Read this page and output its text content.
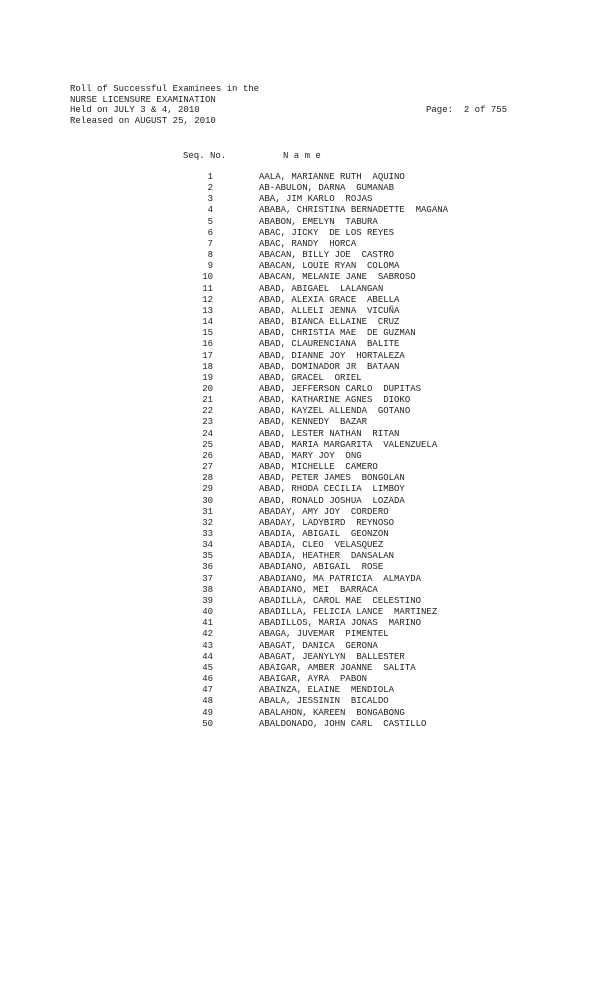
Roll of Successful Examinees in the
NURSE LICENSURE EXAMINATION
Held on JULY 3 & 4, 2010
Released on AUGUST 25, 2010
Page: 2 of 755
Seq. No.	N a m e
1	AALA, MARIANNE RUTH  AQUINO
2	AB-ABULON, DARNA  GUMANAB
3	ABA, JIM KARLO  ROJAS
4	ABABA, CHRISTINA BERNADETTE  MAGANA
5	ABABON, EMELYN  TABURA
6	ABAC, JICKY  DE LOS REYES
7	ABAC, RANDY  HORCA
8	ABACAN, BILLY JOE  CASTRO
9	ABACAN, LOUIE RYAN  COLOMA
10	ABACAN, MELANIE JANE  SABROSO
11	ABAD, ABIGAEL  LALANGAN
12	ABAD, ALEXIA GRACE  ABELLA
13	ABAD, ALLELI JENNA  VICUÑA
14	ABAD, BIANCA ELLAINE  CRUZ
15	ABAD, CHRISTIA MAE  DE GUZMAN
16	ABAD, CLAURENCIANA  BALITE
17	ABAD, DIANNE JOY  HORTALEZA
18	ABAD, DOMINADOR JR  BATAAN
19	ABAD, GRACEL  ORIEL
20	ABAD, JEFFERSON CARLO  DUPITAS
21	ABAD, KATHARINE AGNES  DIOKO
22	ABAD, KAYZEL ALLENDA  GOTANO
23	ABAD, KENNEDY  BAZAR
24	ABAD, LESTER NATHAN  RITAN
25	ABAD, MARIA MARGARITA  VALENZUELA
26	ABAD, MARY JOY  ONG
27	ABAD, MICHELLE  CAMERO
28	ABAD, PETER JAMES  BONGOLAN
29	ABAD, RHODA CECILIA  LIMBOY
30	ABAD, RONALD JOSHUA  LOZADA
31	ABADAY, AMY JOY  CORDERO
32	ABADAY, LADYBIRD  REYNOSO
33	ABADIA, ABIGAIL  GEONZON
34	ABADIA, CLEO  VELASQUEZ
35	ABADIA, HEATHER  DANSALAN
36	ABADIANO, ABIGAIL  ROSE
37	ABADIANO, MA PATRICIA  ALMAYDA
38	ABADIANO, MEI  BARRACA
39	ABADILLA, CAROL MAE  CELESTINO
40	ABADILLA, FELICIA LANCE  MARTINEZ
41	ABADILLOS, MARIA JONAS  MARINO
42	ABAGA, JUVEMAR  PIMENTEL
43	ABAGAT, DANICA  GERONA
44	ABAGAT, JEANYLYN  BALLESTER
45	ABAIGAR, AMBER JOANNE  SALITA
46	ABAIGAR, AYRA  PABON
47	ABAINZA, ELAINE  MENDIOLA
48	ABALA, JESSININ  BICALDO
49	ABALAHON, KAREEN  BONGABONG
50	ABALDONADO, JOHN CARL  CASTILLO
